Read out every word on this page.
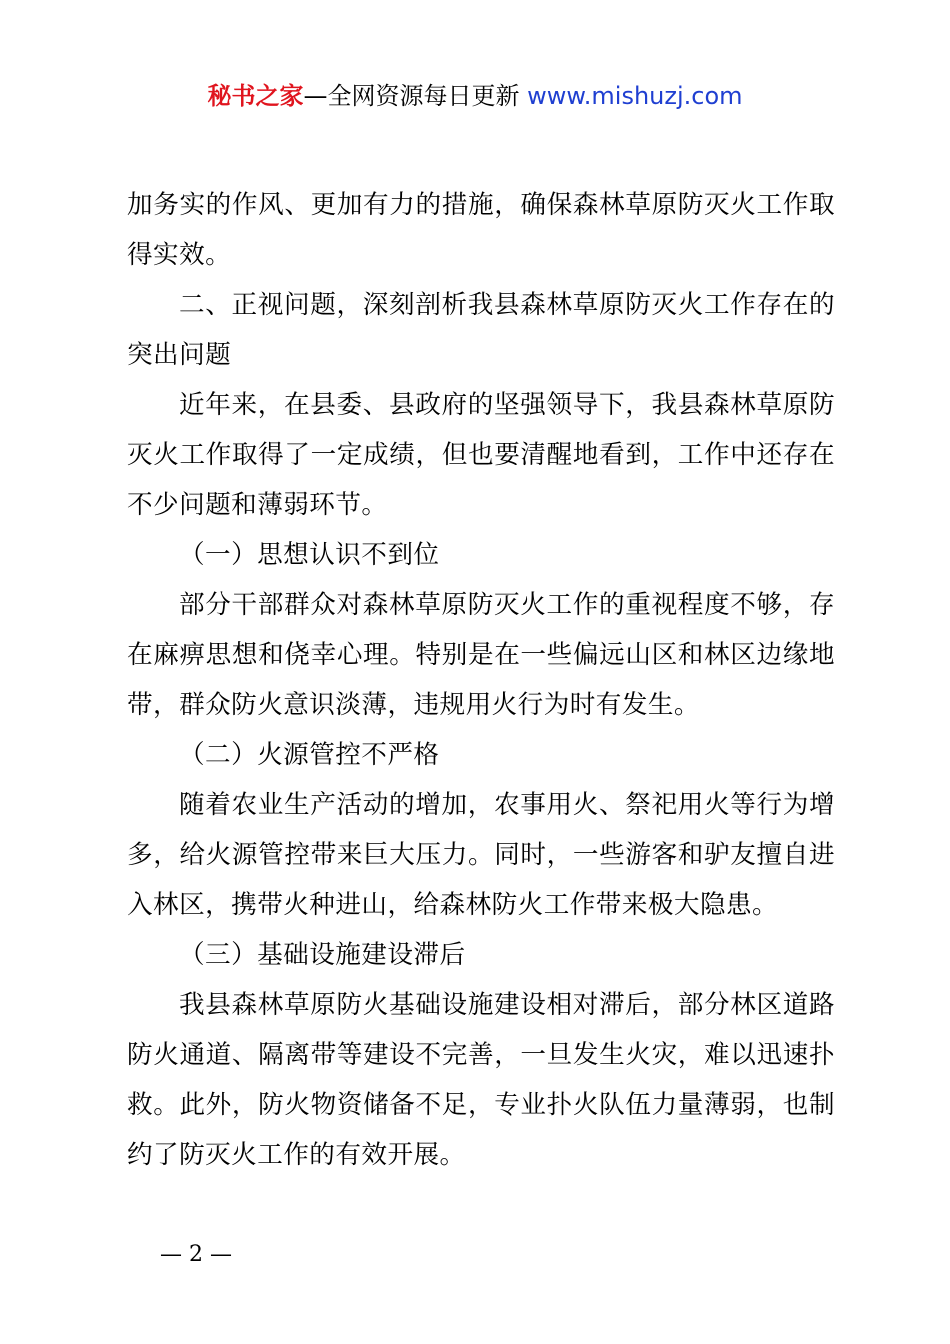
秘书之家—全网资源每日更新 www.mishuzj.com

加务实的作风、更加有力的措施，确保森林草原防灭火工作取得实效。

二、正视问题，深刻剖析我县森林草原防灭火工作存在的突出问题

近年来，在县委、县政府的坚强领导下，我县森林草原防灭火工作取得了一定成绩，但也要清醒地看到，工作中还存在不少问题和薄弱环节。

（一）思想认识不到位

部分干部群众对森林草原防灭火工作的重视程度不够，存在麻痹思想和侥幸心理。特别是在一些偏远山区和林区边缘地带，群众防火意识淡薄，违规用火行为时有发生。

（二）火源管控不严格

随着农业生产活动的增加，农事用火、祭祀用火等行为增多，给火源管控带来巨大压力。同时，一些游客和驴友擅自进入林区，携带火种进山，给森林防火工作带来极大隐患。

（三）基础设施建设滞后

我县森林草原防火基础设施建设相对滞后，部分林区道路防火通道、隔离带等建设不完善，一旦发生火灾，难以迅速扑救。此外，防火物资储备不足，专业扑火队伍力量薄弱，也制约了防灭火工作的有效开展。

— 2 —
